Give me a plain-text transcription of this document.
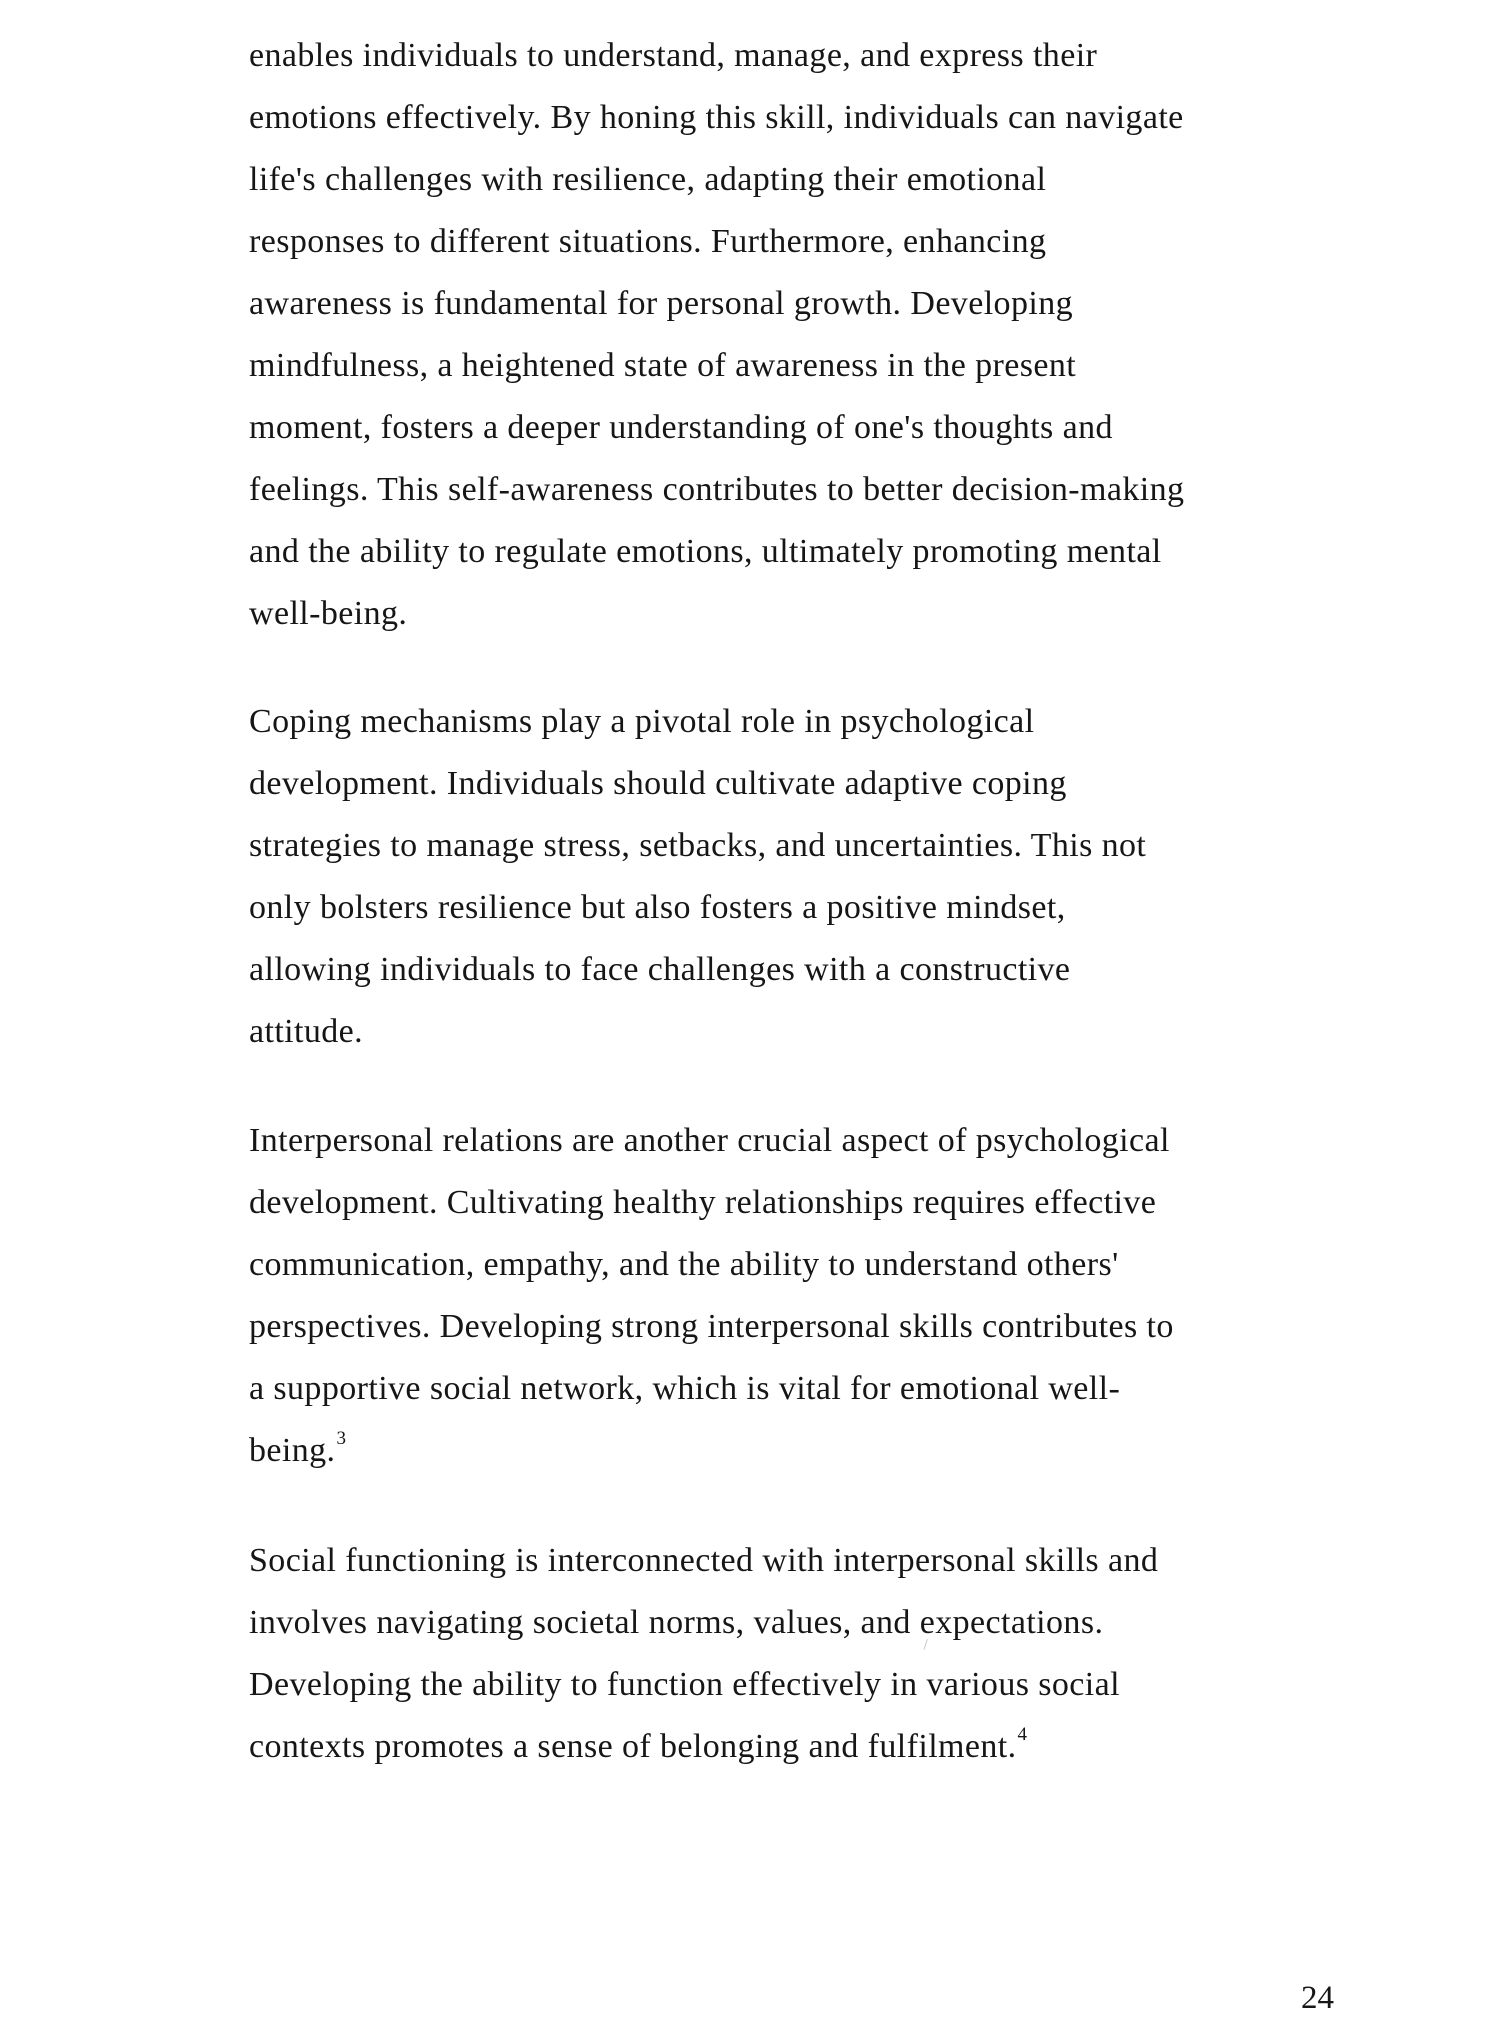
enables individuals to understand, manage, and express their

emotions effectively. By honing this skill, individuals can navigate

life's challenges with resilience, adapting their emotional

responses to different situations. Furthermore, enhancing

awareness is fundamental for personal growth. Developing

mindfulness, a heightened state of awareness in the present

moment, fosters a deeper understanding of one's thoughts and

feelings. This self-awareness contributes to better decision-making

and the ability to regulate emotions, ultimately promoting mental

well-being.

Coping mechanisms play a pivotal role in psychological

development. Individuals should cultivate adaptive coping

strategies to manage stress, setbacks, and uncertainties. This not

only bolsters resilience but also fosters a positive mindset,

allowing individuals to face challenges with a constructive

attitude.

Interpersonal relations are another crucial aspect of psychological

development. Cultivating healthy relationships requires effective

communication, empathy, and the ability to understand others'

perspectives. Developing strong interpersonal skills contributes to

a supportive social network, which is vital for emotional well-

being.$^3$

Social functioning is interconnected with interpersonal skills and

involves navigating societal norms, values, and expectations.

Developing the ability to function effectively in various social

contexts promotes a sense of belonging and fulfilment.$^4$

24
